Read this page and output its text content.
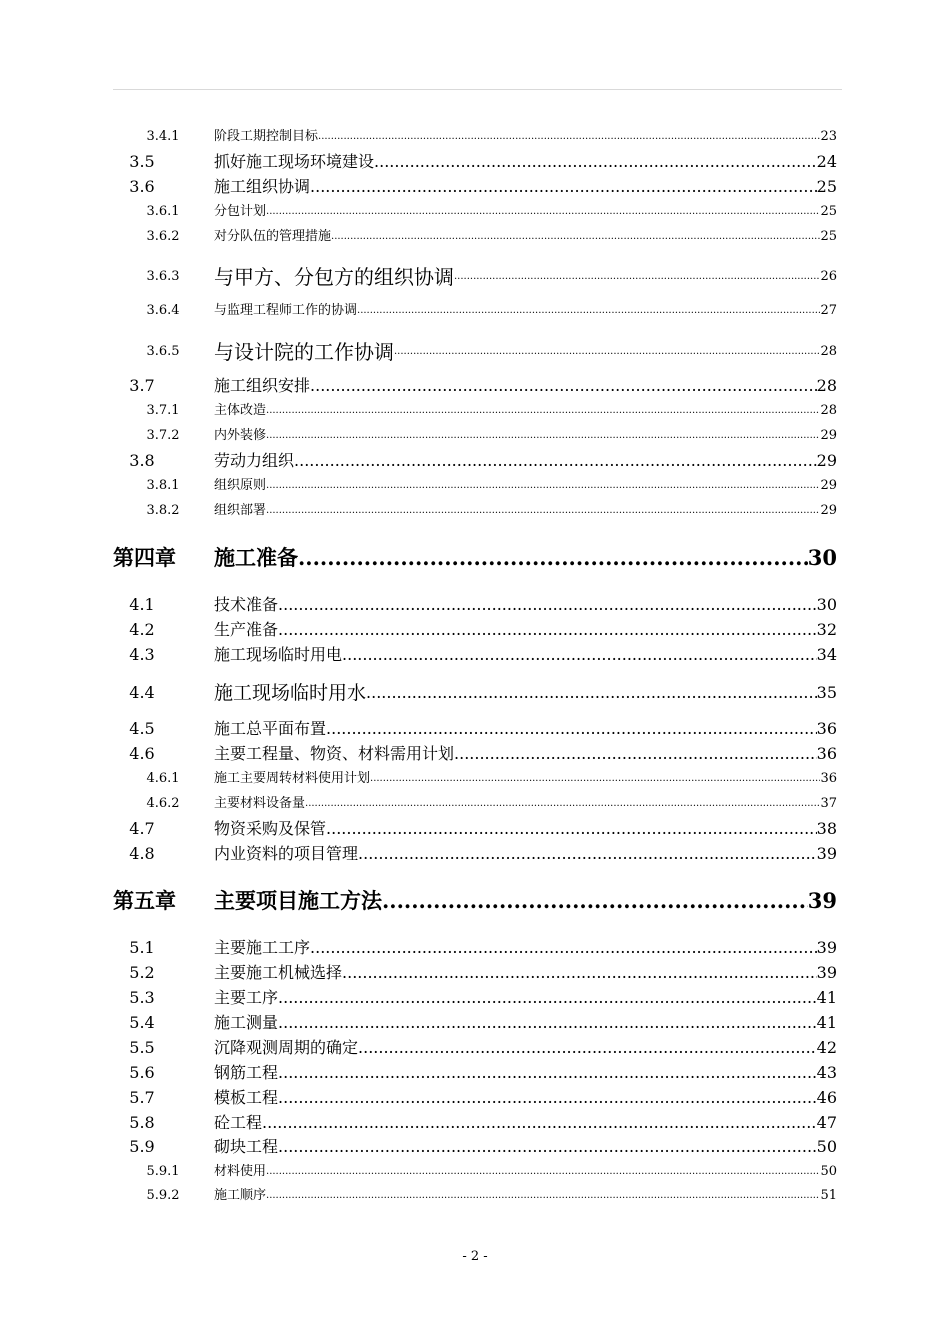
3.4.1	阶段工期控制目标 .....	23
3.5	抓好施工现场环境建设 .....	24
3.6	施工组织协调 .....	25
3.6.1	分包计划 .....	25
3.6.2	对分队伍的管理措施 .....	25
3.6.3	与甲方、分包方的组织协调 .....	26
3.6.4	与监理工程师工作的协调 .....	27
3.6.5	与设计院的工作协调 .....	28
3.7	施工组织安排 .....	28
3.7.1	主体改造 .....	28
3.7.2	内外装修 .....	29
3.8	劳动力组织 .....	29
3.8.1	组织原则 .....	29
3.8.2	组织部署 .....	29
第四章	施工准备 .....	30
4.1	技术准备 .....	30
4.2	生产准备 .....	32
4.3	施工现场临时用电 .....	34
4.4	施工现场临时用水 .....	35
4.5	施工总平面布置 .....	36
4.6	主要工程量、物资、材料需用计划 .....	36
4.6.1	施工主要周转材料使用计划 .....	36
4.6.2	主要材料设备量 .....	37
4.7	物资采购及保管 .....	38
4.8	内业资料的项目管理 .....	39
第五章	主要项目施工方法 .....	39
5.1	主要施工工序 .....	39
5.2	主要施工机械选择 .....	39
5.3	主要工序 .....	41
5.4	施工测量 .....	41
5.5	沉降观测周期的确定 .....	42
5.6	钢筋工程 .....	43
5.7	模板工程 .....	46
5.8	砼工程 .....	47
5.9	砌块工程 .....	50
5.9.1	材料使用 .....	50
5.9.2	施工顺序 .....	51
- 2 -
